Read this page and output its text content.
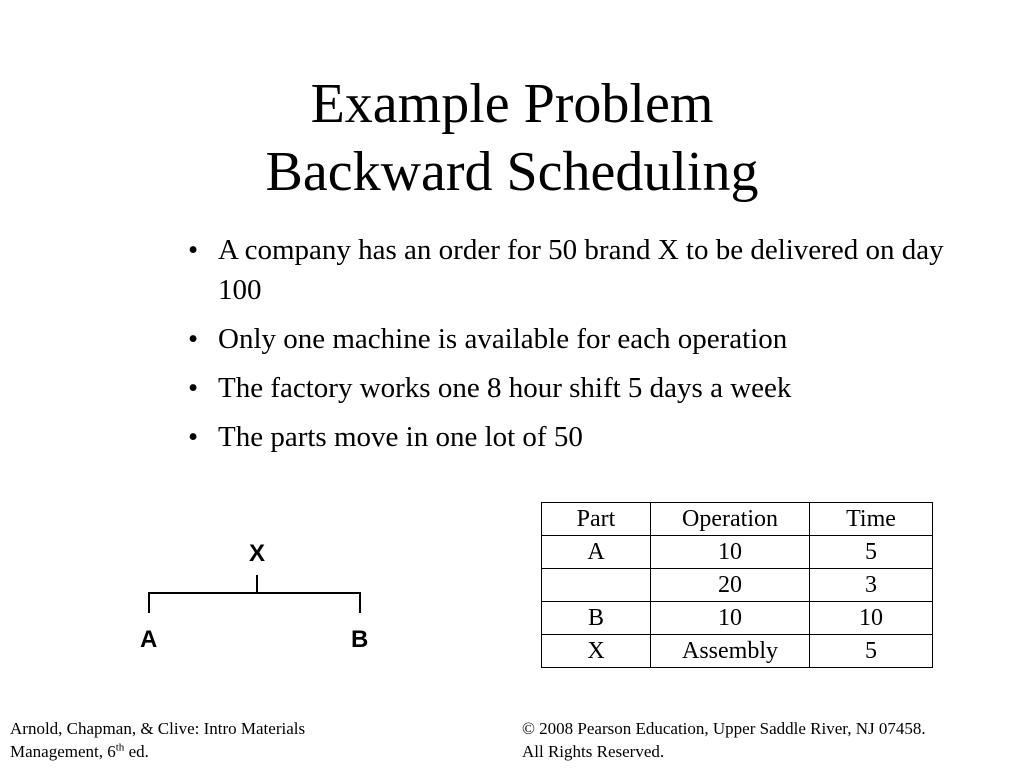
Example Problem
Backward Scheduling
• A company has an order for 50 brand X to be delivered on day 100
• Only one machine is available for each operation
• The factory works one 8 hour shift 5 days a week
• The parts move in one lot of 50
X
A	B
Part	Operation	Time
A	10	5
	20	3
B	10	10
X	Assembly	5
Arnold, Chapman, & Clive: Intro Materials
Management, 6th ed.
© 2008 Pearson Education, Upper Saddle River, NJ 07458.
All Rights Reserved.
